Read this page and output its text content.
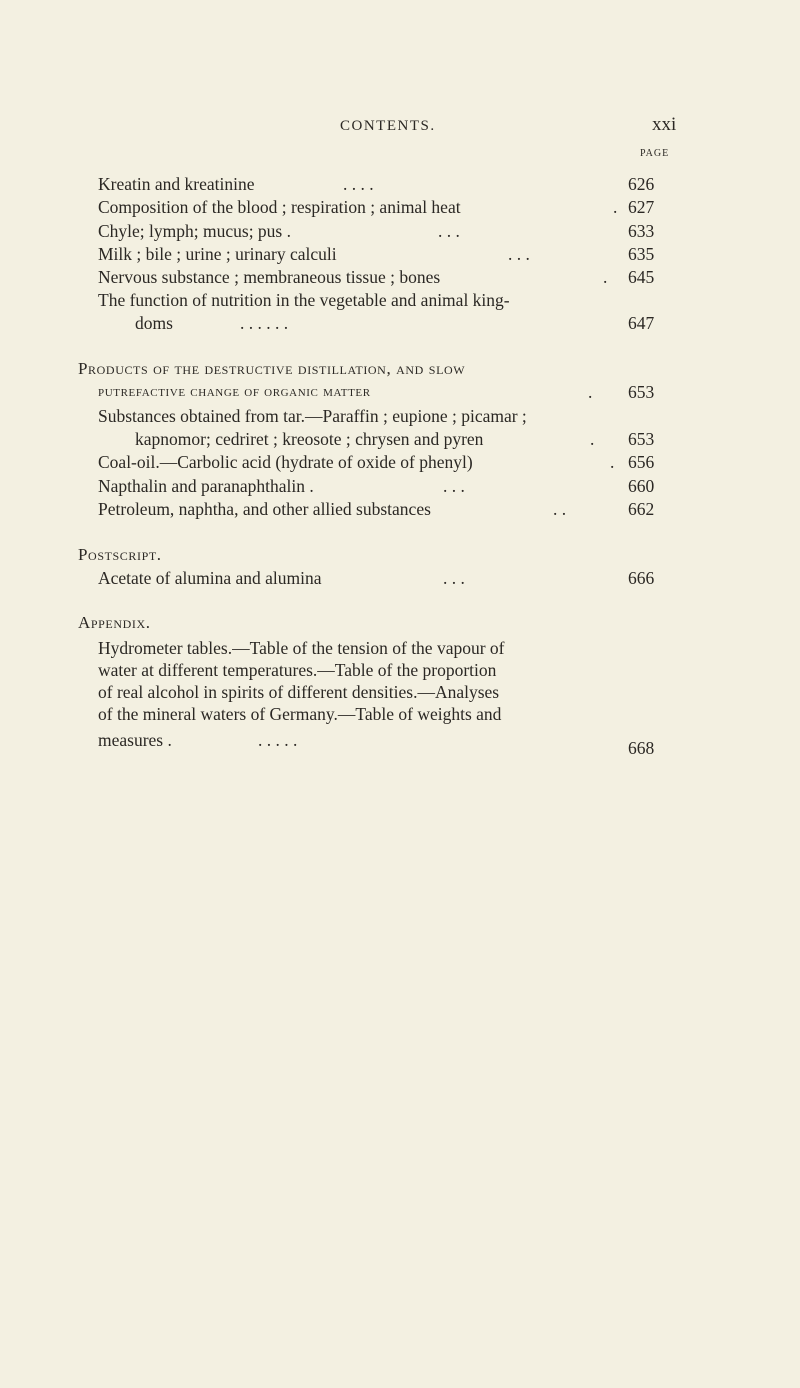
CONTENTS.	xxi
PAGE
Kreatin and kreatinine	. . . .	626
Composition of the blood ; respiration ; animal heat	. 627
Chyle; lymph; mucus; pus .	. . .	633
Milk ; bile ; urine ; urinary calculi	. . .	635
Nervous substance ; membraneous tissue ; bones	. 645
The function of nutrition in the vegetable and animal king-
doms	. . . . . .	647
Products of the destructive distillation, and slow
putrefactive change of organic matter	. 653
Substances obtained from tar.—Paraffin ; eupione ; picamar ;
kapnomor; cedriret ; kreosote ; chrysen and pyren	. 653
Coal-oil.—Carbolic acid (hydrate of oxide of phenyl)	. 656
Napthalin and paranaphthalin .	. . .	660
Petroleum, naphtha, and other allied substances	. .	662
Postscript.
Acetate of alumina and alumina	. . .	666
Appendix.
Hydrometer tables.—Table of the tension of the vapour of
water at different temperatures.—Table of the proportion
of real alcohol in spirits of different densities.—Analyses
of the mineral waters of Germany.—Table of weights and
measures .	. . . . .	668
